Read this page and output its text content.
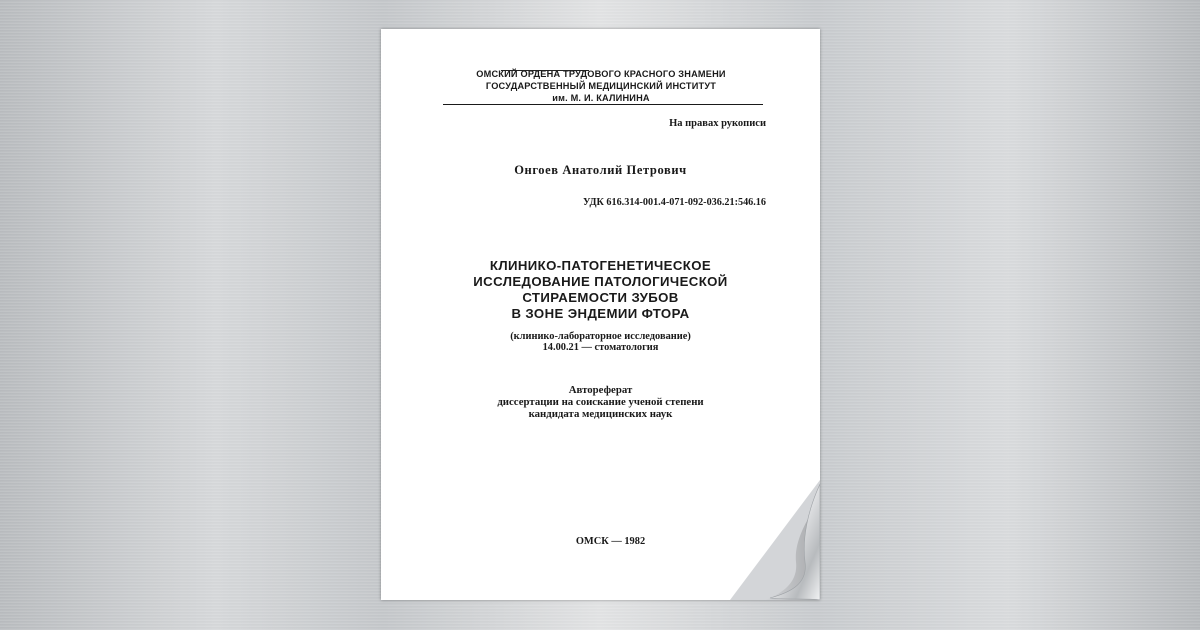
ОМСКИЙ ОРДЕНА ТРУДОВОГО КРАСНОГО ЗНАМЕНИ
ГОСУДАРСТВЕННЫЙ МЕДИЦИНСКИЙ ИНСТИТУТ
им. М. И. КАЛИНИНА
На правах рукописи
Онгоев Анатолий Петрович
УДК 616.314-001.4-071-092-036.21:546.16
КЛИНИКО-ПАТОГЕНЕТИЧЕСКОЕ
ИССЛЕДОВАНИЕ ПАТОЛОГИЧЕСКОЙ
СТИРАЕМОСТИ ЗУБОВ
В ЗОНЕ ЭНДЕМИИ ФТОРА
(клинико-лабораторное исследование)
14.00.21 — стоматология
Автореферат
диссертации на соискание ученой степени
кандидата медицинских наук
ОМСК — 1982
